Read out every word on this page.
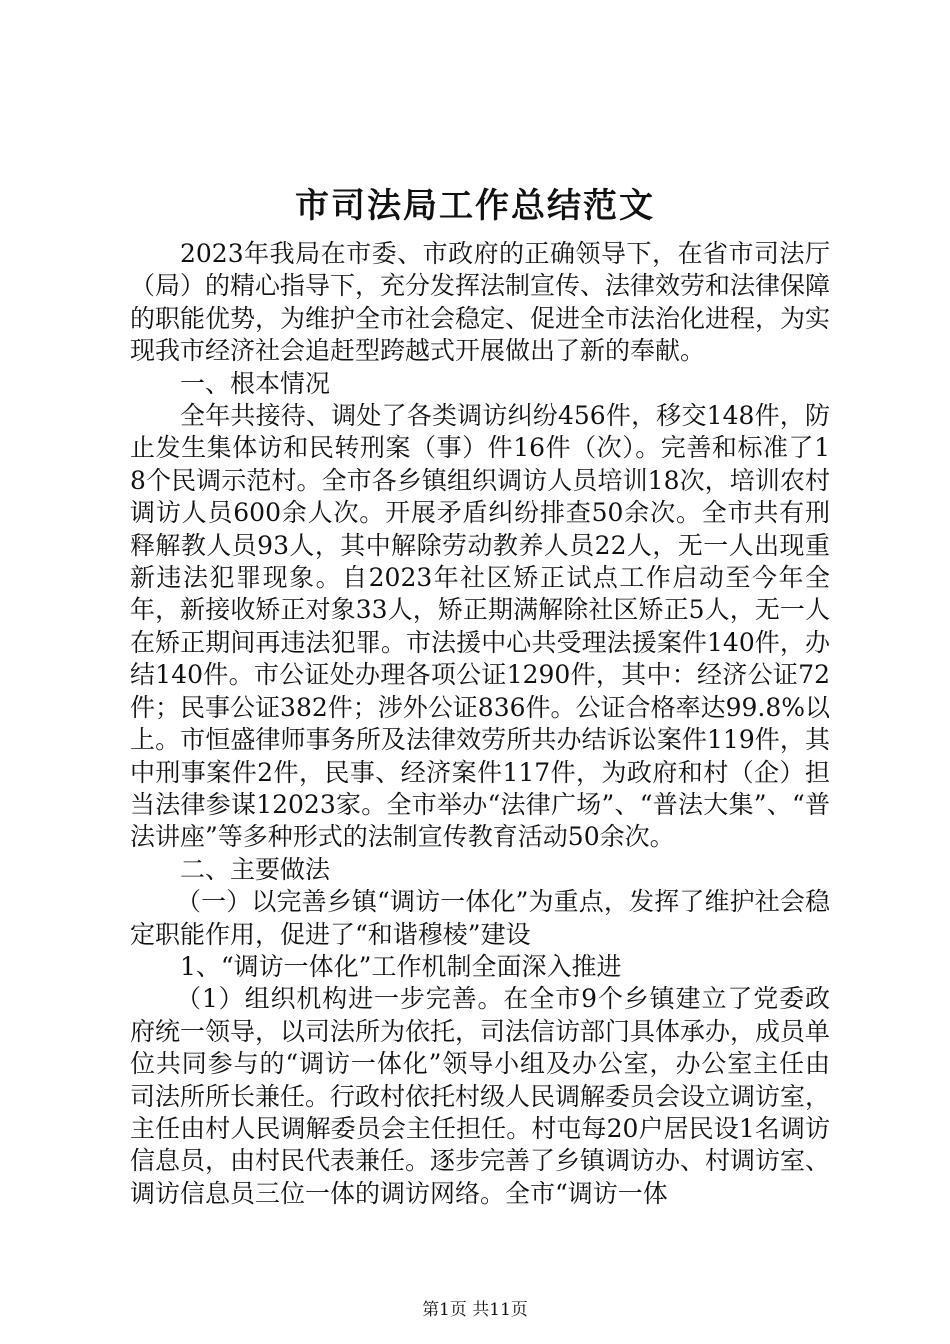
市司法局工作总结范文

2023年我局在市委、市政府的正确领导下，在省市司法厅（局）的精心指导下，充分发挥法制宣传、法律效劳和法律保障的职能优势，为维护全市社会稳定、促进全市法治化进程，为实现我市经济社会追赶型跨越式开展做出了新的奉献。

一、根本情况

全年共接待、调处了各类调访纠纷456件，移交148件，防止发生集体访和民转刑案（事）件16件（次）。完善和标准了18个民调示范村。全市各乡镇组织调访人员培训18次，培训农村调访人员600余人次。开展矛盾纠纷排查50余次。全市共有刑释解教人员93人，其中解除劳动教养人员22人，无一人出现重新违法犯罪现象。自2023年社区矫正试点工作启动至今年全年，新接收矫正对象33人，矫正期满解除社区矫正5人，无一人在矫正期间再违法犯罪。市法援中心共受理法援案件140件，办结140件。市公证处办理各项公证1290件，其中：经济公证72件；民事公证382件；涉外公证836件。公证合格率达99.8%以上。市恒盛律师事务所及法律效劳所共办结诉讼案件119件，其中刑事案件2件，民事、经济案件117件，为政府和村（企）担当法律参谋12023家。全市举办“法律广场”、“普法大集”、“普法讲座”等多种形式的法制宣传教育活动50余次。

二、主要做法

（一）以完善乡镇“调访一体化”为重点，发挥了维护社会稳定职能作用，促进了“和谐穆棱”建设

1、“调访一体化”工作机制全面深入推进

（1）组织机构进一步完善。在全市9个乡镇建立了党委政府统一领导，以司法所为依托，司法信访部门具体承办，成员单位共同参与的“调访一体化”领导小组及办公室，办公室主任由司法所所长兼任。行政村依托村级人民调解委员会设立调访室，主任由村人民调解委员会主任担任。村屯每20户居民设1名调访信息员，由村民代表兼任。逐步完善了乡镇调访办、村调访室、调访信息员三位一体的调访网络。全市“调访一体

第1页 共11页
